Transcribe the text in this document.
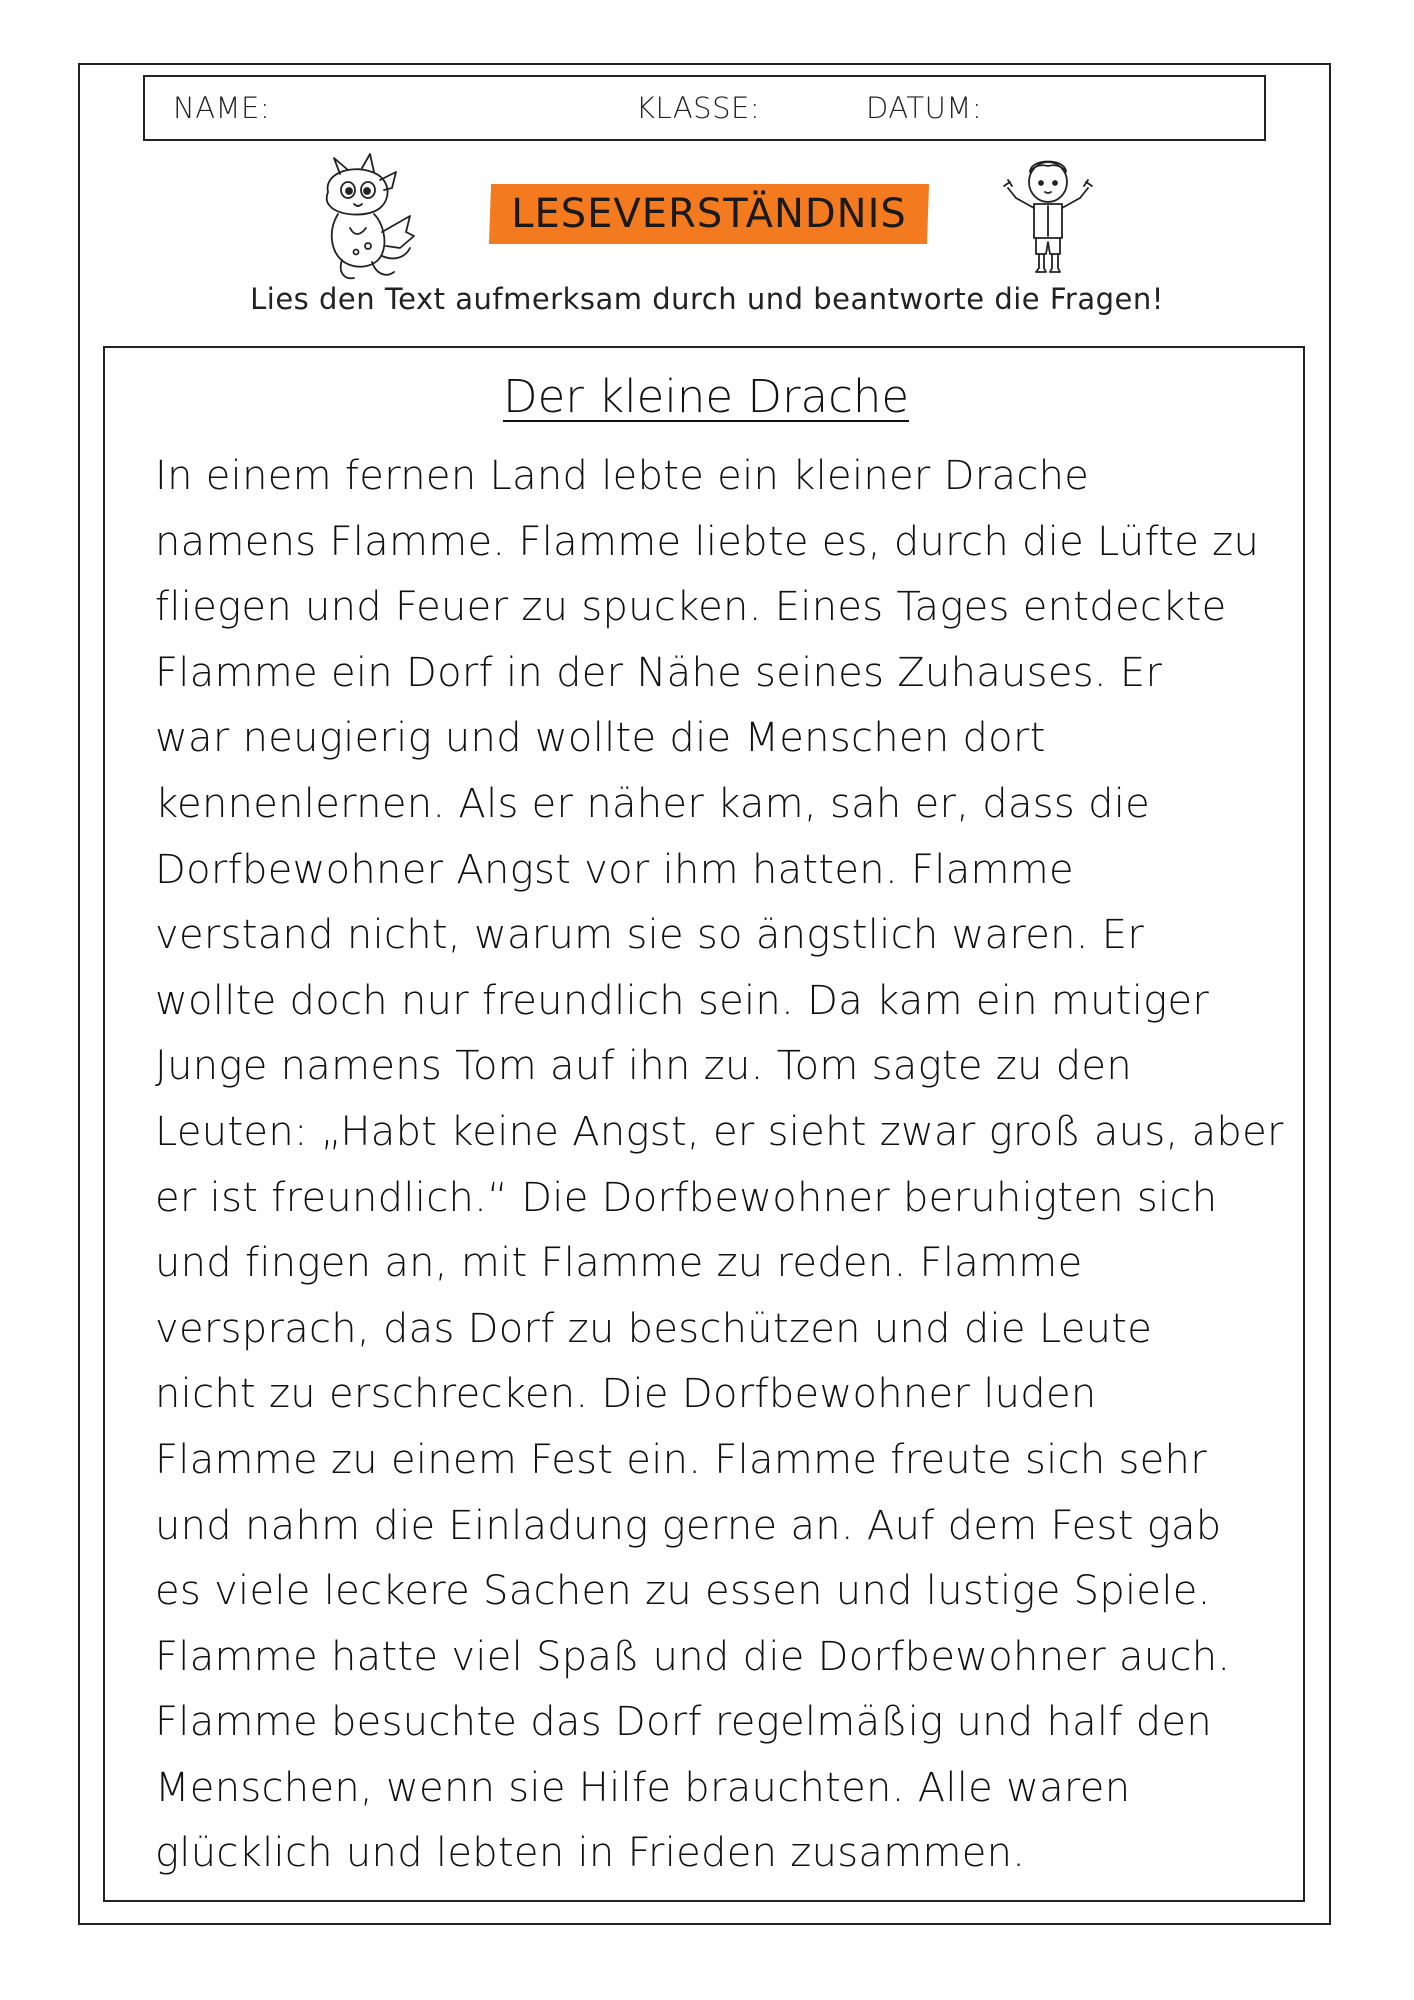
NAME:	KLASSE:	DATUM:
LESEVERSTÄNDNIS
Lies den Text aufmerksam durch und beantworte die Fragen!
Der kleine Drache
In einem fernen Land lebte ein kleiner Drache
namens Flamme. Flamme liebte es, durch die Lüfte zu
fliegen und Feuer zu spucken. Eines Tages entdeckte
Flamme ein Dorf in der Nähe seines Zuhauses. Er
war neugierig und wollte die Menschen dort
kennenlernen. Als er näher kam, sah er, dass die
Dorfbewohner Angst vor ihm hatten. Flamme
verstand nicht, warum sie so ängstlich waren. Er
wollte doch nur freundlich sein. Da kam ein mutiger
Junge namens Tom auf ihn zu. Tom sagte zu den
Leuten: „Habt keine Angst, er sieht zwar groß aus, aber
er ist freundlich.“ Die Dorfbewohner beruhigten sich
und fingen an, mit Flamme zu reden. Flamme
versprach, das Dorf zu beschützen und die Leute
nicht zu erschrecken. Die Dorfbewohner luden
Flamme zu einem Fest ein. Flamme freute sich sehr
und nahm die Einladung gerne an. Auf dem Fest gab
es viele leckere Sachen zu essen und lustige Spiele.
Flamme hatte viel Spaß und die Dorfbewohner auch.
Flamme besuchte das Dorf regelmäßig und half den
Menschen, wenn sie Hilfe brauchten. Alle waren
glücklich und lebten in Frieden zusammen.
